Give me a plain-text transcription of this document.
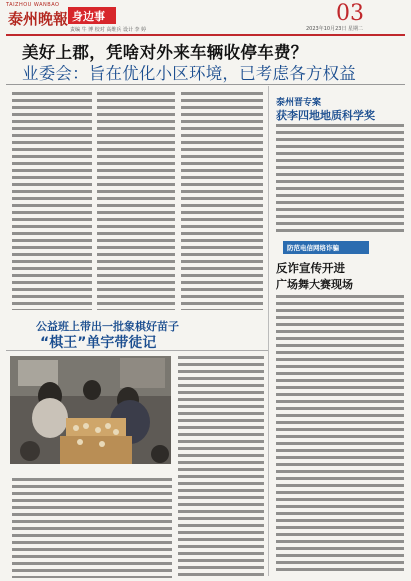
TAIZHOU WANBAO
泰州晚報 身边事	03
2023年10月23日 星期二
责编 牛 博 校对 高维兵 设计 李 婷
美好上郡，凭啥对外来车辆收停车费？
业委会：旨在优化小区环境，已考虑各方权益
泰州晋专案
获李四地地质科学奖
防范电信网络诈骗
反诈宣传开进
广场舞大赛现场
公益班上带出一批象棋好苗子
“棋王”单宇带徒记
